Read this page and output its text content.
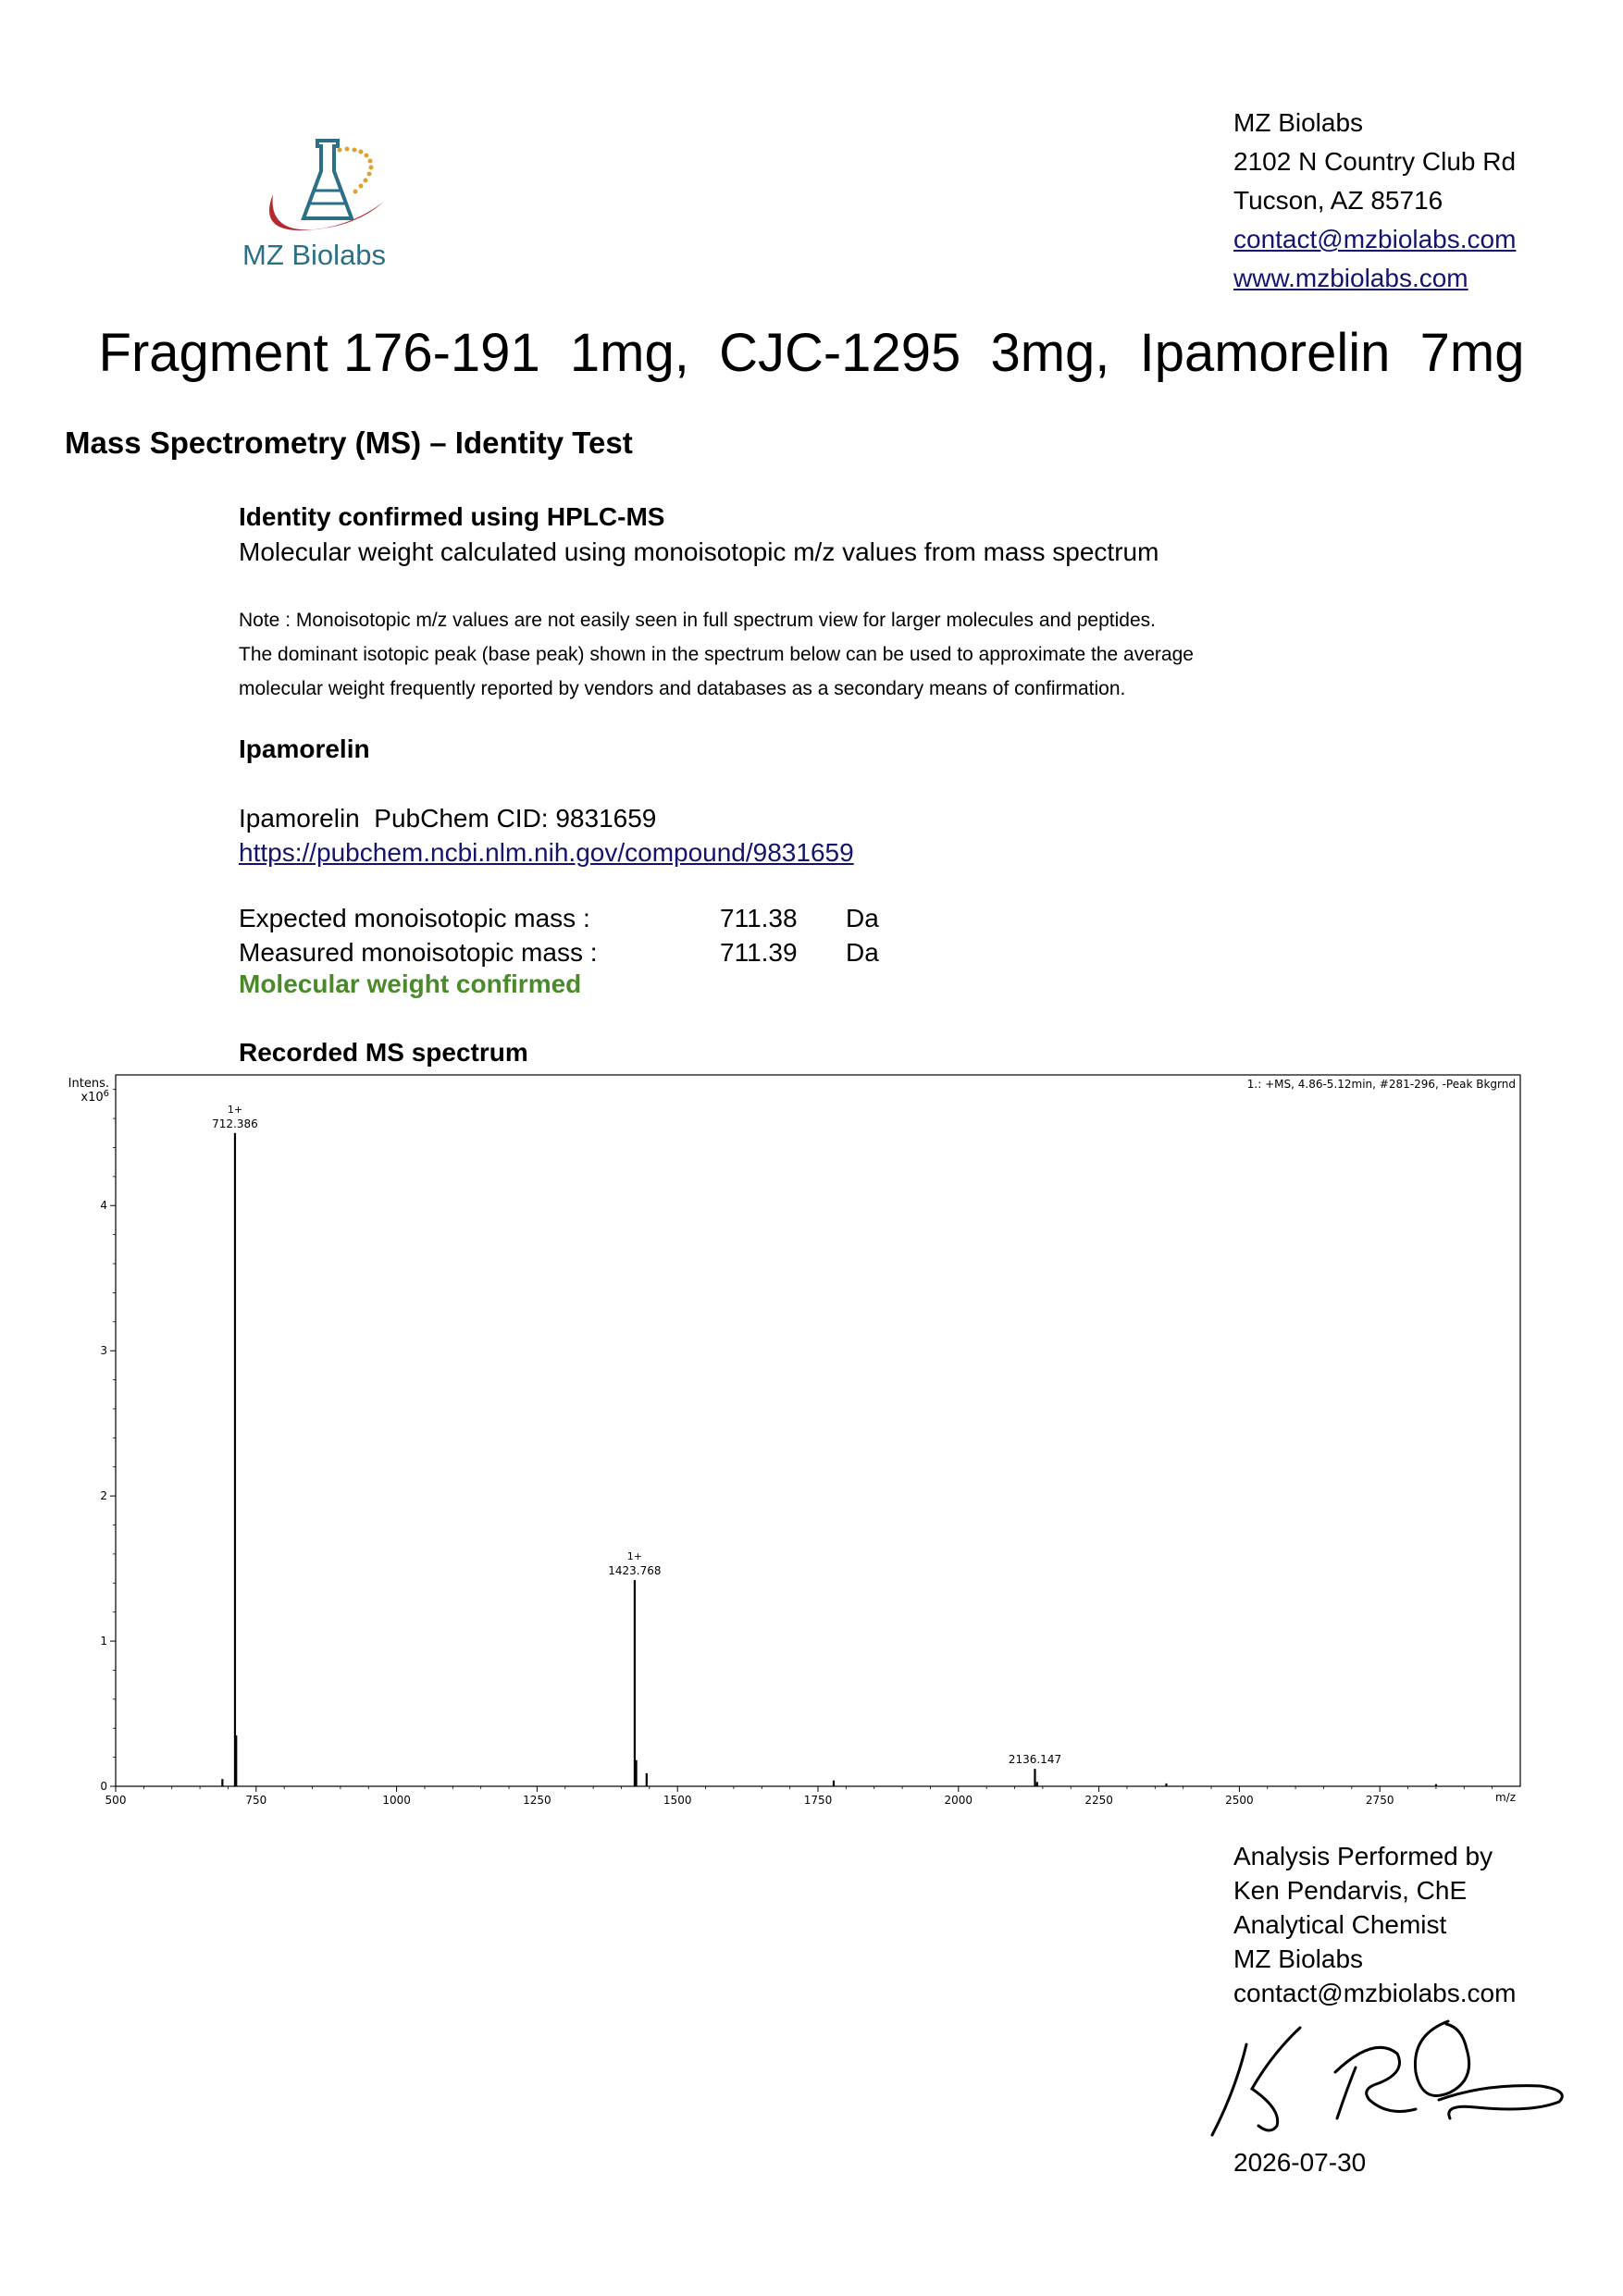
MZ Biolabs
MZ Biolabs
2102 N Country Club Rd
Tucson, AZ 85716
contact@mzbiolabs.com
www.mzbiolabs.com
Fragment 176-191  1mg,  CJC-1295  3mg,  Ipamorelin  7mg
Mass Spectrometry (MS) – Identity Test
Identity confirmed using HPLC-MS
Molecular weight calculated using monoisotopic m/z values from mass spectrum
Note : Monoisotopic m/z values are not easily seen in full spectrum view for larger molecules and peptides.
The dominant isotopic peak (base peak) shown in the spectrum below can be used to approximate the average
molecular weight frequently reported by vendors and databases as a secondary means of confirmation.
Ipamorelin
Ipamorelin  PubChem CID: 9831659
https://pubchem.ncbi.nlm.nih.gov/compound/9831659
Expected monoisotopic mass :	711.38 Da
Measured monoisotopic mass :	711.39 Da
Molecular weight confirmed
Recorded MS spectrum
Intens.
$x10^6$
1.: +MS, 4.86-5.12min, #281-296, -Peak Bkgrnd
m/z
500	750	1000	1250	1500	1750	2000	2250	2500	2750
0
1
2
3
4
712.386
1+
1423.768
1+
2136.147
Analysis Performed by
Ken Pendarvis, ChE
Analytical Chemist
MZ Biolabs
contact@mzbiolabs.com
2026-07-30
